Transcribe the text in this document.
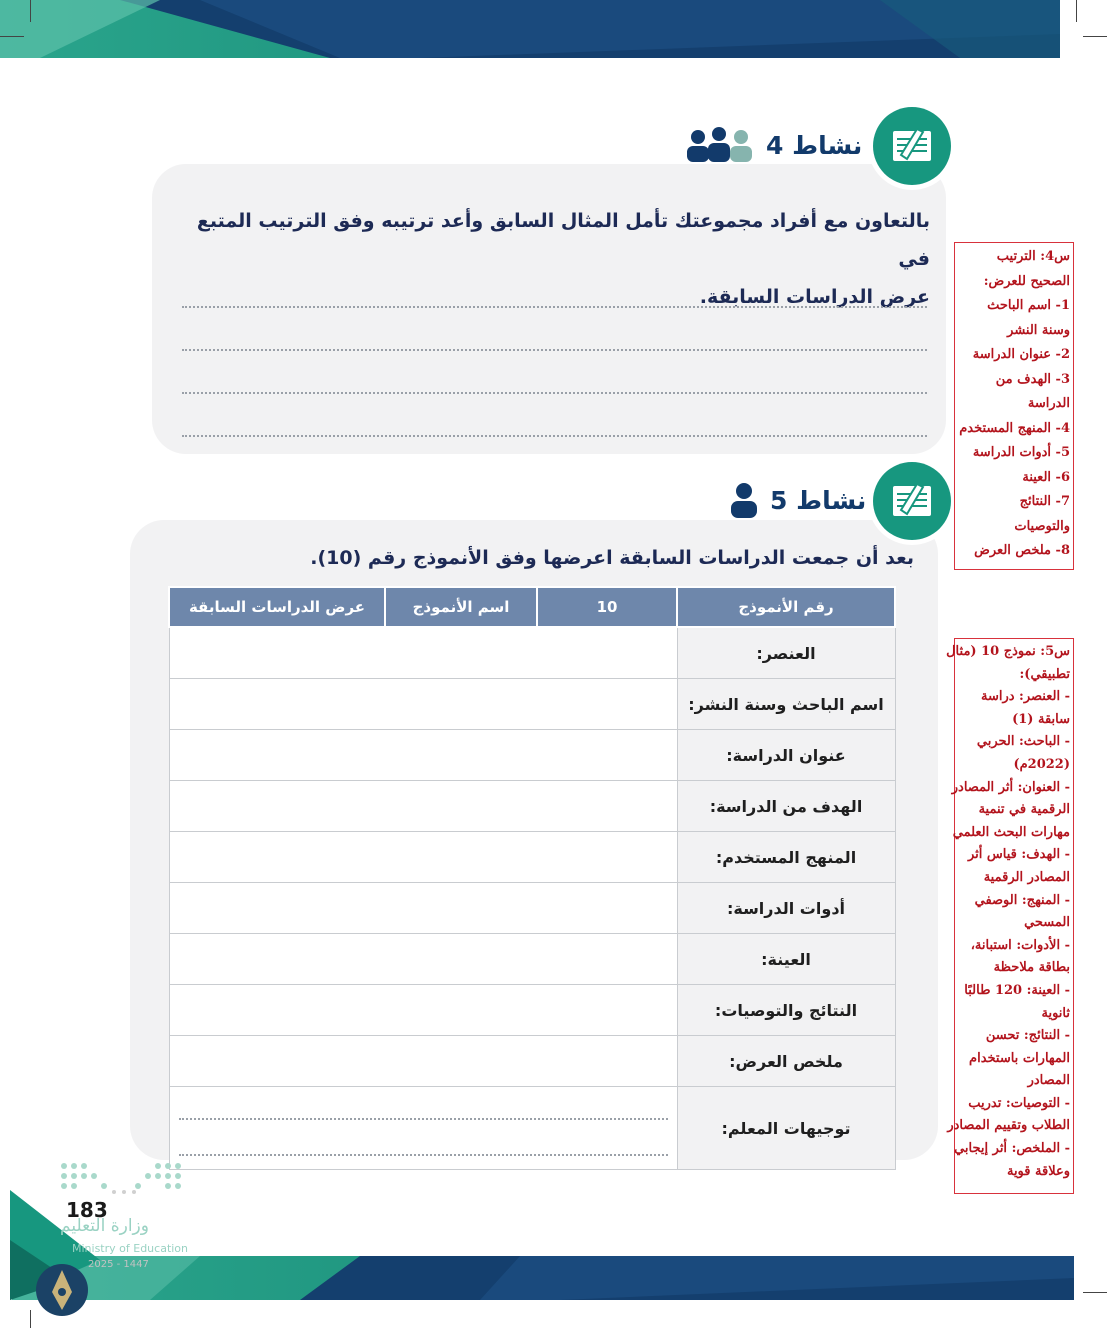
نشاط 4
بالتعاون مع أفراد مجموعتك تأمل المثال السابق وأعد ترتيبه وفق الترتيب المتبع في
عرض الدراسات السابقة.
نشاط 5
بعد أن جمعت الدراسات السابقة اعرضها وفق الأنموذج رقم (10).
رقم الأنموذج	10	اسم الأنموذج	عرض الدراسات السابقة
العنصر:			
اسم الباحث وسنة النشر:			
عنوان الدراسة:			
الهدف من الدراسة:			
المنهج المستخدم:			
أدوات الدراسة:			
العينة:			
النتائج والتوصيات:			
ملخص العرض:			
توجيهات المعلم:			
س4: الترتيب
الصحيح للعرض:
1- اسم الباحث
وسنة النشر
2- عنوان الدراسة
3- الهدف من
الدراسة
4- المنهج المستخدم
5- أدوات الدراسة
6- العينة
7- النتائج
والتوصيات
8- ملخص العرض
س5: نموذج 10 (مثال
تطبيقي):
- العنصر: دراسة
سابقة (1)
- الباحث: الحربي
(2022م)
- العنوان: أثر المصادر
الرقمية في تنمية
مهارات البحث العلمي
- الهدف: قياس أثر
المصادر الرقمية
- المنهج: الوصفي
المسحي
- الأدوات: استبانة،
بطاقة ملاحظة
- العينة: 120 طالبًا
ثانوية
- النتائج: تحسن
المهارات باستخدام
المصادر
- التوصيات: تدريب
الطلاب وتقييم المصادر
- الملخص: أثر إيجابي
وعلاقة قوية
183
وزارة التعليم
Ministry of Education
2025 - 1447
